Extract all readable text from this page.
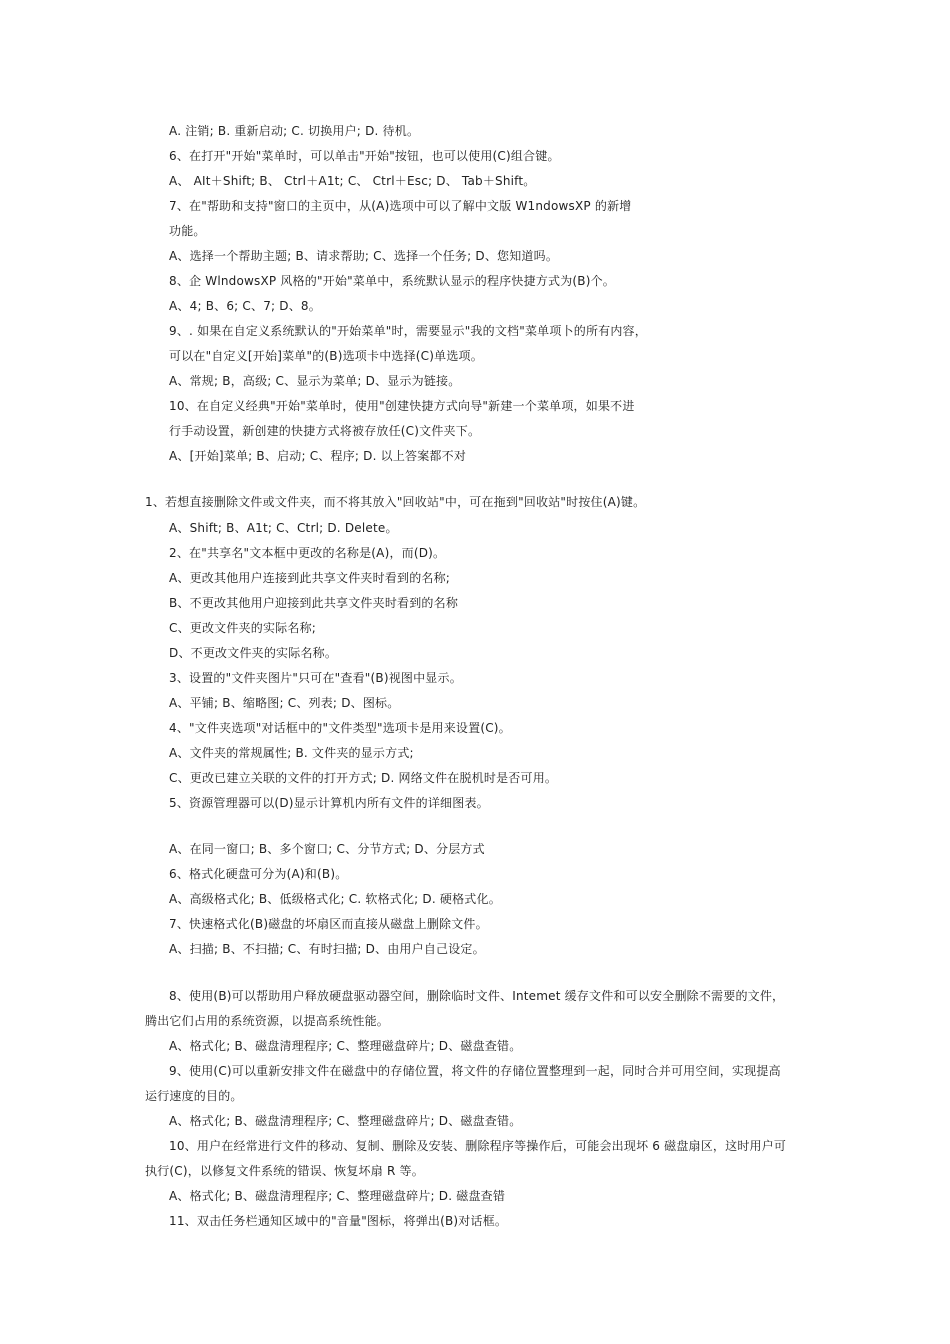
A. 注销; B. 重新启动; C. 切换用户; D. 待机。
6、在打开"开始"菜单时，可以单击"开始"按钮，也可以使用(C)组合键。
A、 AIt＋Shift; B、 Ctrl＋A1t; C、 Ctrl＋Esc; D、 Tab＋Shift。
7、在"帮助和支持"窗口的主页中，从(A)选项中可以了解中文版 W1ndowsXP 的新增
功能。
A、选择一个帮助主题; B、请求帮助; C、选择一个任务; D、您知道吗。
8、企 WlndowsXP 风格的"开始"菜单中，系统默认显示的程序快捷方式为(B)个。
A、4; B、6; C、7; D、8。
9、. 如果在自定义系统默认的"开始菜单"时，需要显示"我的文档"菜单项卜的所有内容，
可以在"自定义[开始]菜单"的(B)选项卡中选择(C)单选项。
A、常规; B，高级; C、显示为菜单; D、显示为链接。
10、在自定义经典"开始"菜单时，使用"创建快捷方式向导"新建一个菜单项，如果不进
行手动设置，新创建的快捷方式将被存放任(C)文件夹下。
A、[开始]菜单; B、启动; C、程序; D. 以上答案都不对
1、若想直接删除文件或文件夹，而不将其放入"回收站"中，可在拖到"回收站"时按住(A)键。
A、Shift; B、A1t; C、Ctrl; D. Delete。
2、在"共享名"文本框中更改的名称是(A)，而(D)。
A、更改其他用户连接到此共享文件夹时看到的名称;
B、不更改其他用户迎接到此共享文件夹时看到的名称
C、更改文件夹的实际名称;
D、不更改文件夹的实际名称。
3、设置的"文件夹图片"只可在"查看"(B)视图中显示。
A、平铺; B、缩略图; C、列表; D、图标。
4、"文件夹选项"对话框中的"文件类型"选项卡是用来设置(C)。
A、文件夹的常规属性; B. 文件夹的显示方式;
C、更改已建立关联的文件的打开方式; D. 网络文件在脱机时是否可用。
5、资源管理器可以(D)显示计算机内所有文件的详细图表。
A、在同一窗口; B、多个窗口; C、分节方式; D、分层方式
6、格式化硬盘可分为(A)和(B)。
A、高级格式化; B、低级格式化; C. 软格式化; D. 硬格式化。
7、快速格式化(B)磁盘的坏扇区而直接从磁盘上删除文件。
A、扫描; B、不扫描; C、有时扫描; D、由用户自己设定。
8、使用(B)可以帮助用户释放硬盘驱动器空间，删除临时文件、Intemet 缓存文件和可以安全删除不需要的文件，
腾出它们占用的系统资源，以提高系统性能。
A、格式化; B、磁盘清理程序; C、整理磁盘碎片; D、磁盘查错。
9、使用(C)可以重新安排文件在磁盘中的存储位置，将文件的存储位置整理到一起，同时合并可用空间，实现提高
运行速度的目的。
A、格式化; B、磁盘清理程序; C、整理磁盘碎片; D、磁盘查错。
10、用户在经常进行文件的移动、复制、删除及安装、删除程序等操作后，可能会出现坏 6 磁盘扇区，这时用户可
执行(C)，以修复文件系统的错误、恢复坏扇 R 等。
A、格式化; B、磁盘清理程序; C、整理磁盘碎片; D. 磁盘查错
11、双击任务栏通知区域中的"音量"图标，将弹出(B)对话框。
